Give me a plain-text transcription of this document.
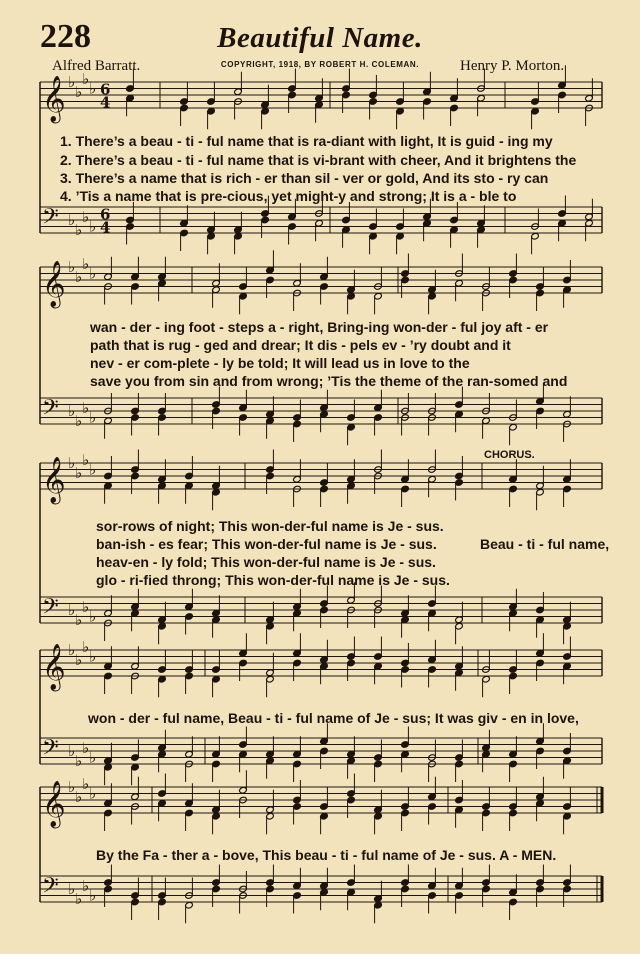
228	Beautiful Name.
Alfred Barratt.	COPYRIGHT, 1918, BY ROBERT H. COLEMAN.	Henry P. Morton.
𝄞 ♭
♭
♭
♭ 6
4
𝄢 ♭
♭
♭
♭
6
4
𝄞 ♭
♭
♭
♭
𝄢 ♭
♭
♭
♭
𝄞 ♭
♭
♭
♭
𝄢 ♭
♭
♭
♭
𝄞 ♭
♭
♭
♭
𝄢 ♭
♭
♭
♭
𝄞 ♭
♭
♭
♭
𝄢 ♭
♭
♭
♭
1. There’s a beau - ti - ful name that is ra-diant with light, It is guid - ing my
2. There’s a beau - ti - ful name that is vi-brant with cheer, And it brightens the
3. There’s a name that is rich - er than sil - ver or gold, And its sto - ry can
4. ’Tis a name that is pre-cious, yet might-y and strong; It is a - ble to
wan - der - ing foot - steps a - right, Bring-ing won-der - ful joy aft - er
path that is rug - ged and drear; It dis - pels ev - ’ry doubt and it
nev - er com-plete - ly be told; It will lead us in love to the
save you from sin and from wrong; ’Tis the theme of the ran-somed and
CHORUS.
sor-rows of night; This won-der-ful name is Je - sus.
ban-ish - es fear; This won-der-ful name is Je - sus.
heav-en - ly fold; This won-der-ful name is Je - sus.
glo - ri-fied throng; This won-der-ful name is Je - sus.
Beau - ti - ful name,
won - der - ful name, Beau - ti - ful name of Je - sus; It was giv - en in love,
By the Fa - ther a - bove, This beau - ti - ful name of Je - sus. A - MEN.
